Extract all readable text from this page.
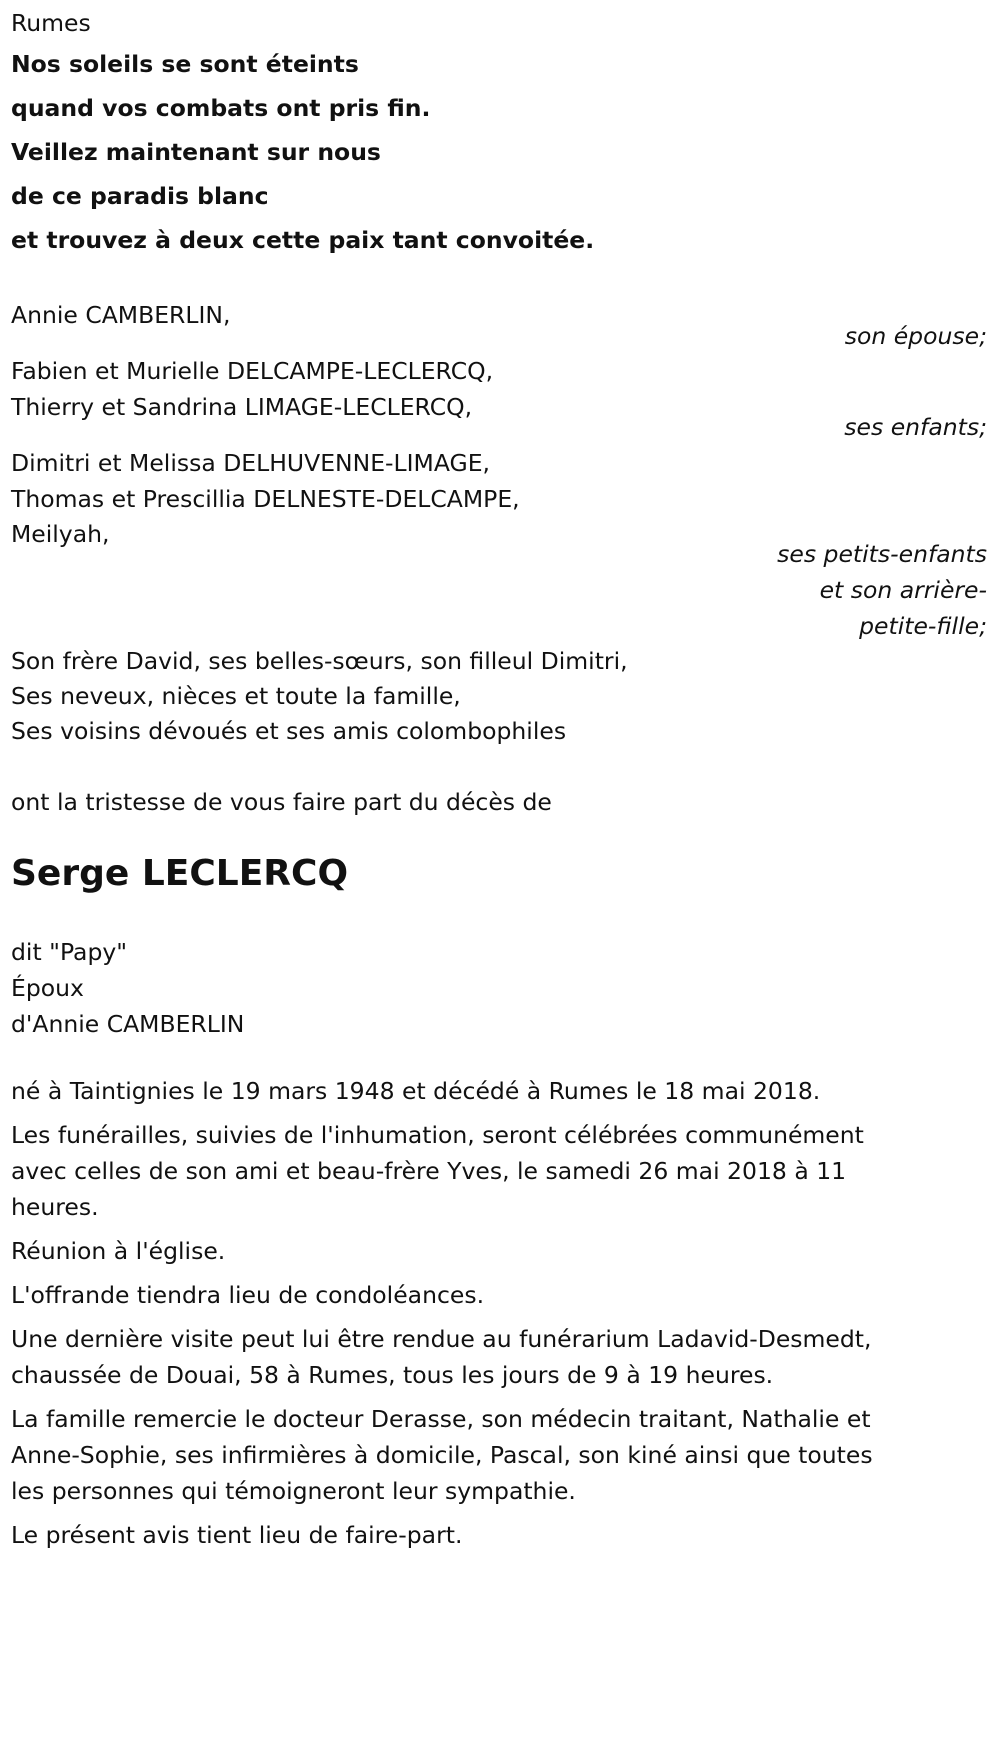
Rumes
Nos soleils se sont éteints
quand vos combats ont pris fin.
Veillez maintenant sur nous
de ce paradis blanc
et trouvez à deux cette paix tant convoitée.
Annie CAMBERLIN,
son épouse;
Fabien et Murielle DELCAMPE-LECLERCQ,
Thierry et Sandrina LIMAGE-LECLERCQ,
ses enfants;
Dimitri et Melissa DELHUVENNE-LIMAGE,
Thomas et Prescillia DELNESTE-DELCAMPE,
Meilyah,
ses petits-enfants
et son arrière-
petite-fille;
Son frère David, ses belles-sœurs, son filleul Dimitri,
Ses neveux, nièces et toute la famille,
Ses voisins dévoués et ses amis colombophiles
ont la tristesse de vous faire part du décès de
Serge LECLERCQ
dit "Papy"
Époux
d'Annie CAMBERLIN
né à Taintignies le 19 mars 1948 et décédé à Rumes le 18 mai 2018.
Les funérailles, suivies de l'inhumation, seront célébrées communément avec celles de son ami et beau-frère Yves, le samedi 26 mai 2018 à 11 heures.
Réunion à l'église.
L'offrande tiendra lieu de condoléances.
Une dernière visite peut lui être rendue au funérarium Ladavid-Desmedt, chaussée de Douai, 58 à Rumes, tous les jours de 9 à 19 heures.
La famille remercie le docteur Derasse, son médecin traitant, Nathalie et Anne-Sophie, ses infirmières à domicile, Pascal, son kiné ainsi que toutes les personnes qui témoigneront leur sympathie.
Le présent avis tient lieu de faire-part.
